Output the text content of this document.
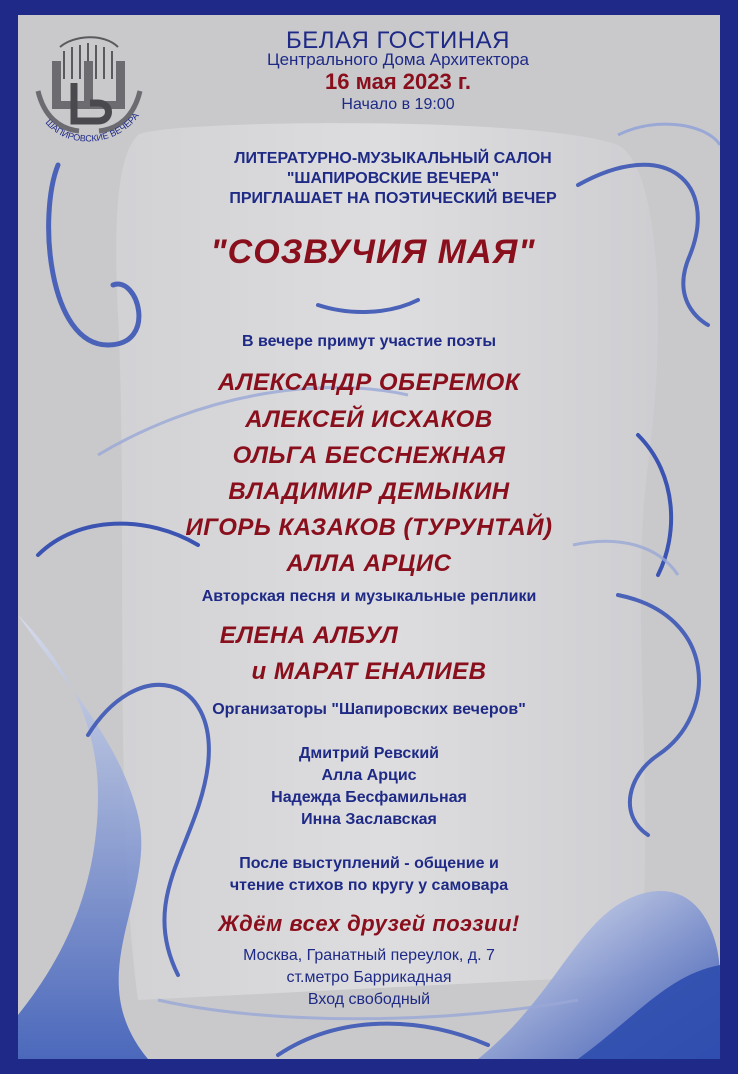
ШАПИРОВСКИЕ ВЕЧЕРА
БЕЛАЯ ГОСТИНАЯ
Центрального Дома Архитектора
16 мая 2023 г.
Начало в 19:00
ЛИТЕРАТУРНО-МУЗЫКАЛЬНЫЙ САЛОН
"ШАПИРОВСКИЕ ВЕЧЕРА"
ПРИГЛАШАЕТ НА ПОЭТИЧЕСКИЙ ВЕЧЕР
"СОЗВУЧИЯ МАЯ"
В вечере примут участие поэты
АЛЕКСАНДР ОБЕРЕМОК
АЛЕКСЕЙ ИСХАКОВ
ОЛЬГА БЕССНЕЖНАЯ
ВЛАДИМИР ДЕМЫКИН
ИГОРЬ КАЗАКОВ (ТУРУНТАЙ)
АЛЛА АРЦИС
Авторская песня и музыкальные реплики
ЕЛЕНА АЛБУЛ
и МАРАТ ЕНАЛИЕВ
Организаторы "Шапировских вечеров"
Дмитрий Ревский
Алла Арцис
Надежда Бесфамильная
Инна Заславская
После выступлений - общение и
чтение стихов по кругу у самовара
Ждём всех друзей поэзии!
Москва, Гранатный переулок, д. 7
ст.метро Баррикадная
Вход свободный
